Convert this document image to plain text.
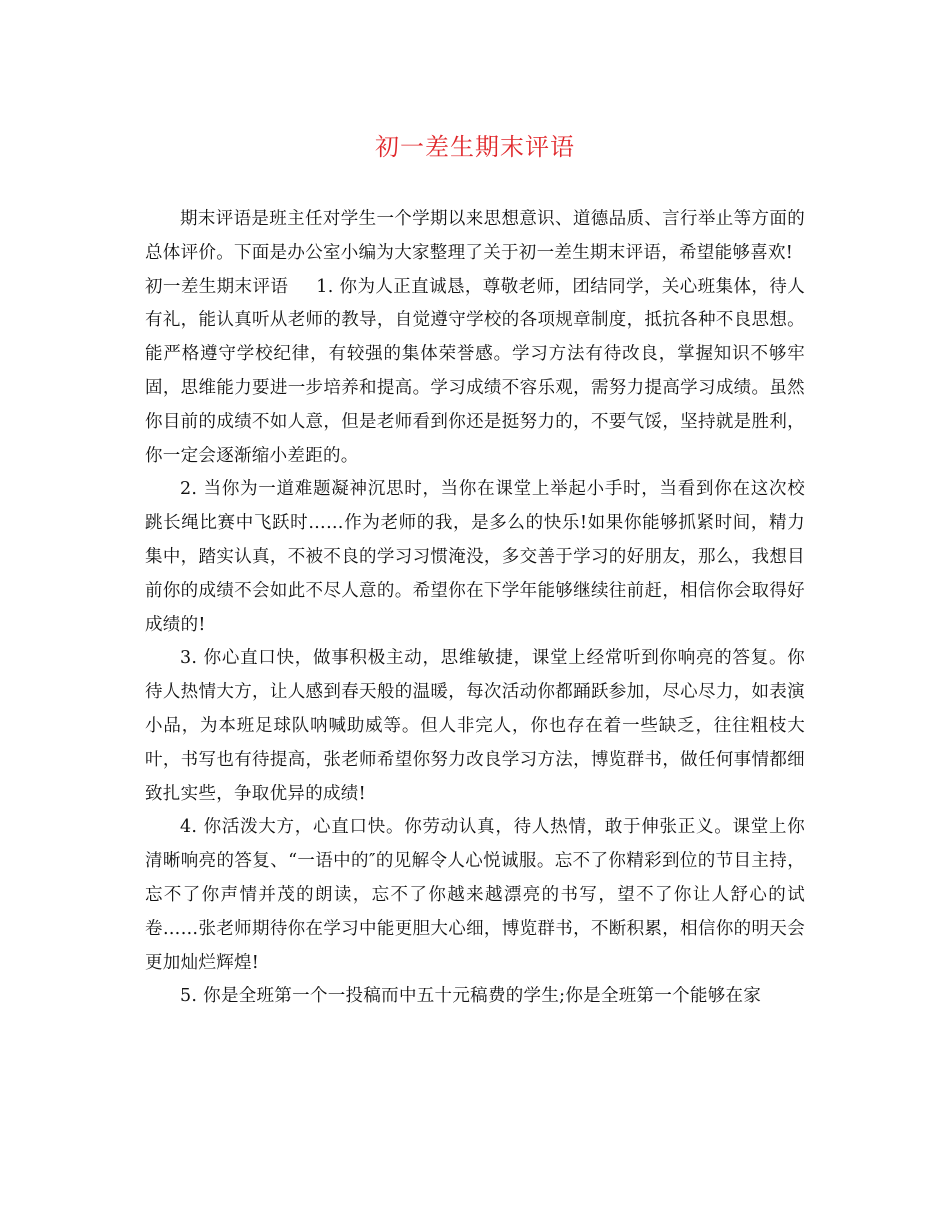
初一差生期末评语

期末评语是班主任对学生一个学期以来思想意识、道德品质、言行举止等方面的总体评价。下面是办公室小编为大家整理了关于初一差生期末评语，希望能够喜欢!

初一差生期末评语 1. 你为人正直诚恳，尊敬老师，团结同学，关心班集体，待人有礼，能认真听从老师的教导，自觉遵守学校的各项规章制度，抵抗各种不良思想。能严格遵守学校纪律，有较强的集体荣誉感。学习方法有待改良，掌握知识不够牢固，思维能力要进一步培养和提高。学习成绩不容乐观，需努力提高学习成绩。虽然你目前的成绩不如人意，但是老师看到你还是挺努力的，不要气馁，坚持就是胜利，你一定会逐渐缩小差距的。

2. 当你为一道难题凝神沉思时，当你在课堂上举起小手时，当看到你在这次校跳长绳比赛中飞跃时……作为老师的我，是多么的快乐!如果你能够抓紧时间，精力集中，踏实认真，不被不良的学习习惯淹没，多交善于学习的好朋友，那么，我想目前你的成绩不会如此不尽人意的。希望你在下学年能够继续往前赶，相信你会取得好成绩的!

3. 你心直口快，做事积极主动，思维敏捷，课堂上经常听到你响亮的答复。你待人热情大方，让人感到春天般的温暖，每次活动你都踊跃参加，尽心尽力，如表演小品，为本班足球队呐喊助威等。但人非完人，你也存在着一些缺乏，往往粗枝大叶，书写也有待提高，张老师希望你努力改良学习方法，博览群书，做任何事情都细致扎实些，争取优异的成绩!

4. 你活泼大方，心直口快。你劳动认真，待人热情，敢于伸张正义。课堂上你清晰响亮的答复、“一语中的″的见解令人心悦诚服。忘不了你精彩到位的节目主持，忘不了你声情并茂的朗读，忘不了你越来越漂亮的书写，望不了你让人舒心的试卷……张老师期待你在学习中能更胆大心细，博览群书，不断积累，相信你的明天会更加灿烂辉煌!

5. 你是全班第一个一投稿而中五十元稿费的学生;你是全班第一个能够在家
